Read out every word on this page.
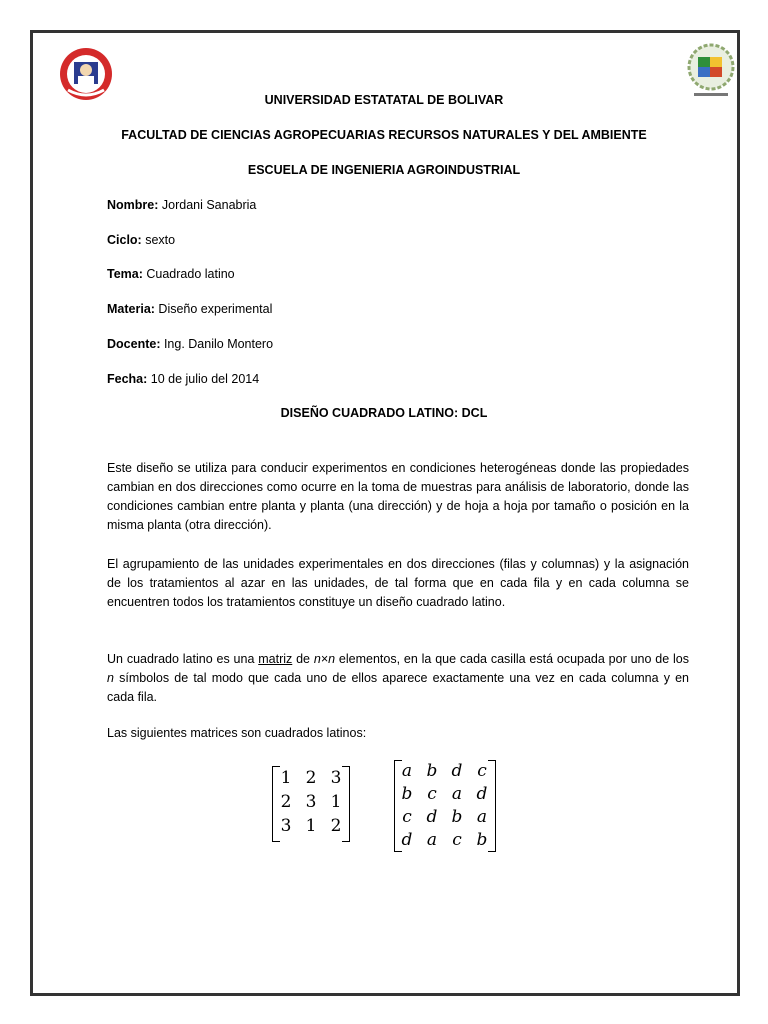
UNIVERSIDAD ESTATATAL DE BOLIVAR
FACULTAD DE CIENCIAS AGROPECUARIAS RECURSOS NATURALES Y DEL AMBIENTE
ESCUELA DE INGENIERIA AGROINDUSTRIAL
Nombre: Jordani Sanabria
Ciclo: sexto
Tema: Cuadrado latino
Materia: Diseño experimental
Docente: Ing. Danilo Montero
Fecha: 10 de julio del 2014
DISEÑO CUADRADO LATINO: DCL

Este diseño se utiliza para conducir experimentos en condiciones heterogéneas donde las propiedades cambian en dos direcciones como ocurre en la toma de muestras para análisis de laboratorio, donde las condiciones cambian entre planta y planta (una dirección) y de hoja a hoja por tamaño o posición en la misma planta (otra dirección).

El agrupamiento de las unidades experimentales en dos direcciones (filas y columnas) y la asignación de los tratamientos al azar en las unidades, de tal forma que en cada fila y en cada columna se encuentren todos los tratamientos constituye un diseño cuadrado latino.

Un cuadrado latino es una matriz de n×n elementos, en la que cada casilla está ocupada por uno de los n símbolos de tal modo que cada uno de ellos aparece exactamente una vez en cada columna y en cada fila.

Las siguientes matrices son cuadrados latinos:

1 2 3
2 3 1
3 1 2
a b d c
b c a d
c d b a
d a c b
